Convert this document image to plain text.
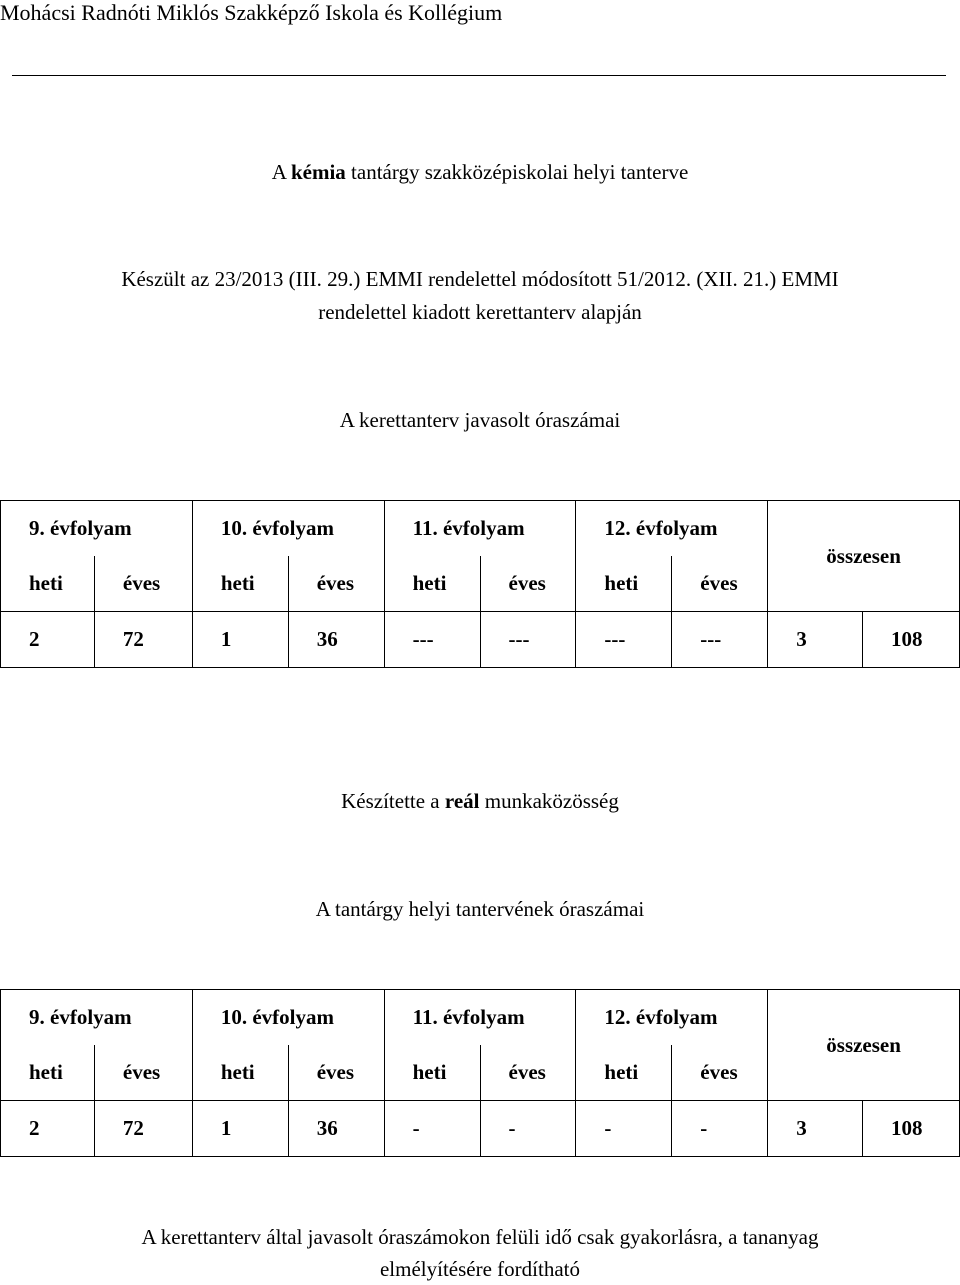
Mohácsi Radnóti Miklós Szakképző Iskola és Kollégium
A kémia tantárgy szakközépiskolai helyi tanterve
Készült az 23/2013 (III. 29.) EMMI rendelettel módosított 51/2012. (XII. 21.) EMMI
rendelettel kiadott kerettanterv alapján
A kerettanterv javasolt óraszámai
9. évfolyam		10. évfolyam		11. évfolyam		12. évfolyam		összesen	
heti	éves	heti	éves	heti	éves	heti	éves		
2	72	1	36	---	---	---	---	3	108
Készítette a reál munkaközösség
A tantárgy helyi tantervének óraszámai
9. évfolyam		10. évfolyam		11. évfolyam		12. évfolyam		összesen	
heti	éves	heti	éves	heti	éves	heti	éves		
2	72	1	36	-	-	-	-	3	108
A kerettanterv által javasolt óraszámokon felüli idő csak gyakorlásra, a tananyag
elmélyítésére fordítható
